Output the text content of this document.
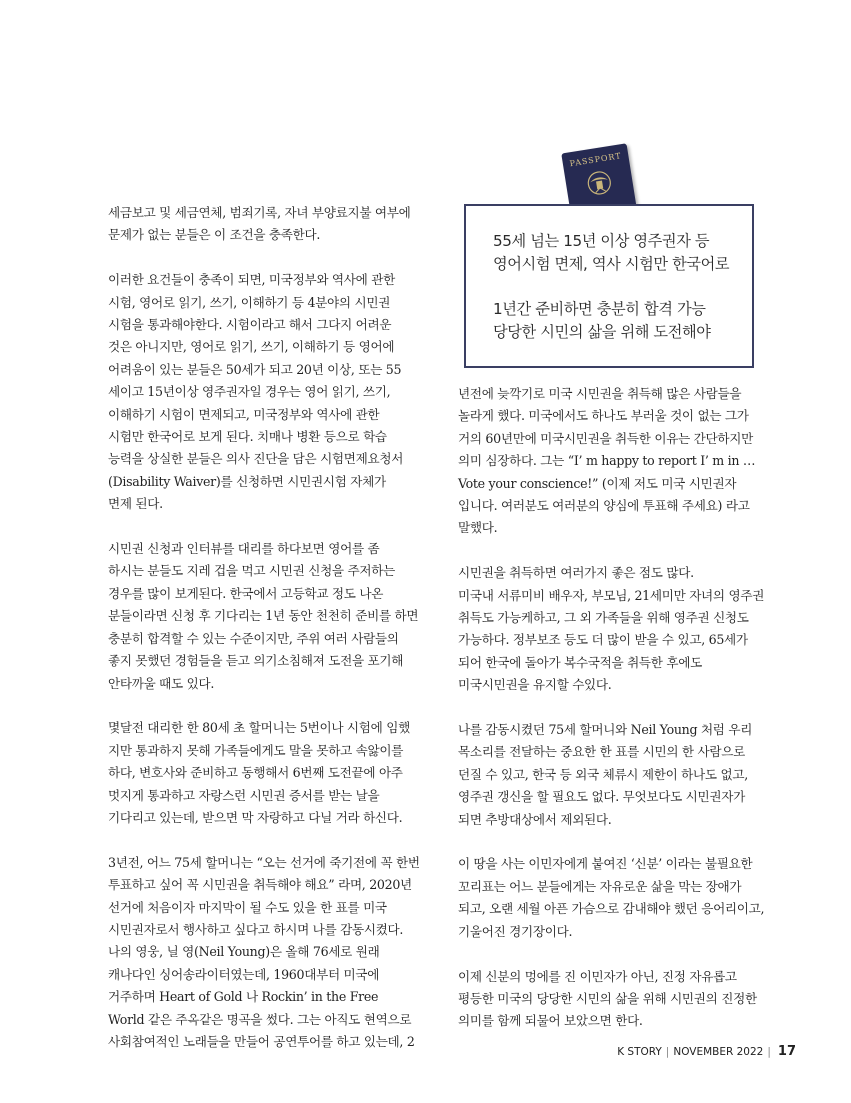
PASSPORT
55세 넘는 15년 이상 영주권자 등
영어시험 면제, 역사 시험만 한국어로
1년간 준비하면 충분히 합격 가능
당당한 시민의 삶을 위해 도전해야

세금보고 및 세금연체, 범죄기록, 자녀 부양료지불 여부에
문제가 없는 분들은 이 조건을 충족한다.

이러한 요건들이 충족이 되면, 미국정부와 역사에 관한
시험, 영어로 읽기, 쓰기, 이해하기 등 4분야의 시민권
시험을 통과해야한다. 시험이라고 해서 그다지 어려운
것은 아니지만, 영어로 읽기, 쓰기, 이해하기 등 영어에
어려움이 있는 분들은 50세가 되고 20년 이상, 또는 55
세이고 15년이상 영주권자일 경우는 영어 읽기, 쓰기,
이해하기 시험이 면제되고, 미국정부와 역사에 관한
시험만 한국어로 보게 된다. 치매나 병환 등으로 학습
능력을 상실한 분들은 의사 진단을 담은 시험면제요청서
(Disability Waiver)를 신청하면 시민권시험 자체가
면제 된다.

시민권 신청과 인터뷰를 대리를 하다보면 영어를 좀
하시는 분들도 지레 겁을 먹고 시민권 신청을 주저하는
경우를 많이 보게된다. 한국에서 고등학교 정도 나온
분들이라면 신청 후 기다리는 1년 동안 천천히 준비를 하면
충분히 합격할 수 있는 수준이지만, 주위 여러 사람들의
좋지 못했던 경험들을 듣고 의기소침해져 도전을 포기해
안타까울 때도 있다.

몇달전 대리한 한 80세 초 할머니는 5번이나 시험에 임했
지만 통과하지 못해 가족들에게도 말을 못하고 속앓이를
하다, 변호사와 준비하고 동행해서 6번째 도전끝에 아주
멋지게 통과하고 자랑스런 시민권 증서를 받는 날을
기다리고 있는데, 받으면 막 자랑하고 다닐 거라 하신다.

3년전, 어느 75세 할머니는 “오는 선거에 죽기전에 꼭 한번
투표하고 싶어 꼭 시민권을 취득해야 해요” 라며, 2020년
선거에 처음이자 마지막이 될 수도 있을 한 표를 미국
시민권자로서 행사하고 싶다고 하시며 나를 감동시켰다.
나의 영웅, 닐 영(Neil Young)은 올해 76세로 원래
캐나다인 싱어송라이터였는데, 1960대부터 미국에
거주하며 Heart of Gold 나 Rockin’ in the Free
World 같은 주옥같은 명곡을 썼다. 그는 아직도 현역으로
사회참여적인 노래들을 만들어 공연투어를 하고 있는데, 2

년전에 늦깍기로 미국 시민권을 취득해 많은 사람들을
놀라게 했다. 미국에서도 하나도 부러울 것이 없는 그가
거의 60년만에 미국시민권을 취득한 이유는 간단하지만
의미 심장하다. 그는 “I’ m happy to report I’ m in …
Vote your conscience!” (이제 저도 미국 시민권자
입니다. 여러분도 여러분의 양심에 투표해 주세요) 라고
말했다.

시민권을 취득하면 여러가지 좋은 점도 많다.
미국내 서류미비 배우자, 부모님, 21세미만 자녀의 영주권
취득도 가능케하고, 그 외 가족들을 위해 영주권 신청도
가능하다. 정부보조 등도 더 많이 받을 수 있고, 65세가
되어 한국에 돌아가 복수국적을 취득한 후에도
미국시민권을 유지할 수있다.

나를 감동시켰던 75세 할머니와 Neil Young 처럼 우리
목소리를 전달하는 중요한 한 표를 시민의 한 사람으로
던질 수 있고, 한국 등 외국 체류시 제한이 하나도 없고,
영주권 갱신을 할 필요도 없다. 무엇보다도 시민권자가
되면 추방대상에서 제외된다.

이 땅을 사는 이민자에게 붙여진 ‘신분’ 이라는 불필요한
꼬리표는 어느 분들에게는 자유로운 삶을 막는 장애가
되고, 오랜 세월 아픈 가슴으로 감내해야 했던 응어리이고,
기울어진 경기장이다.

이제 신분의 멍에를 진 이민자가 아닌, 진정 자유롭고
평등한 미국의 당당한 시민의 삶을 위해 시민권의 진정한
의미를 함께 되물어 보았으면 한다.

K STORY | NOVEMBER 2022 | 17
